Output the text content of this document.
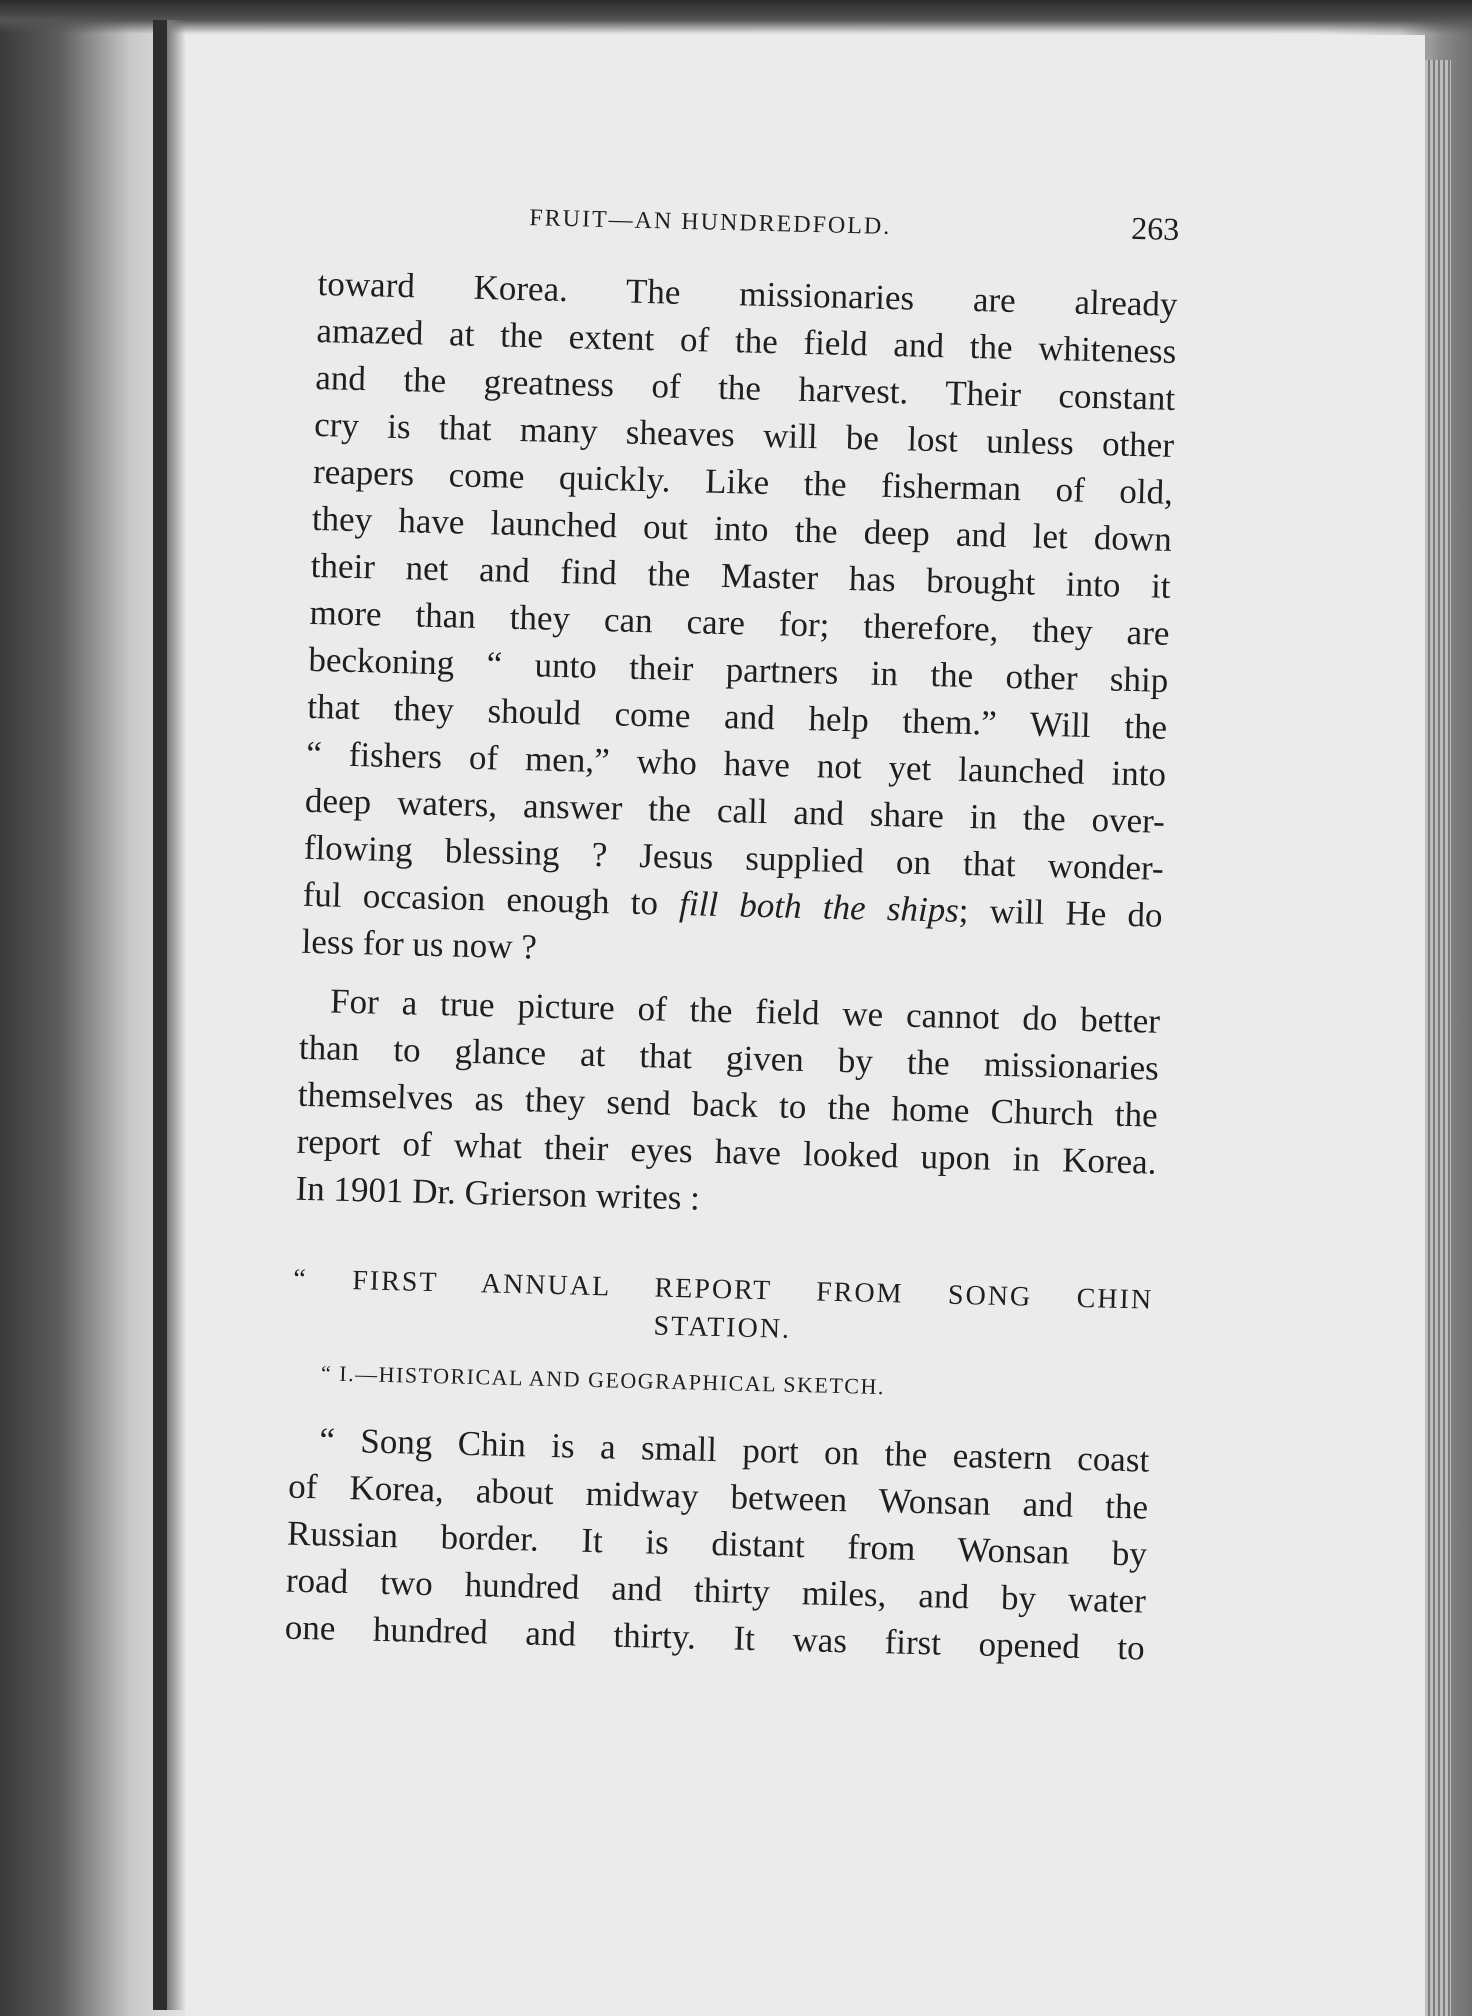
FRUIT—AN HUNDREDFOLD.	263
toward Korea. The missionaries are already
amazed at the extent of the field and the whiteness
and the greatness of the harvest. Their constant
cry is that many sheaves will be lost unless other
reapers come quickly. Like the fisherman of old,
they have launched out into the deep and let down
their net and find the Master has brought into it
more than they can care for; therefore, they are
beckoning “ unto their partners in the other ship
that they should come and help them.” Will the
“ fishers of men,” who have not yet launched into
deep waters, answer the call and share in the over-
flowing blessing ? Jesus supplied on that wonder-
ful occasion enough to fill both the ships; will He do
less for us now ?
For a true picture of the field we cannot do better
than to glance at that given by the missionaries
themselves as they send back to the home Church the
report of what their eyes have looked upon in Korea.
In 1901 Dr. Grierson writes :
“ FIRST ANNUAL REPORT FROM SONG CHIN
STATION.
“ I.—HISTORICAL AND GEOGRAPHICAL SKETCH.
“ Song Chin is a small port on the eastern coast
of Korea, about midway between Wonsan and the
Russian border. It is distant from Wonsan by
road two hundred and thirty miles, and by water
one hundred and thirty. It was first opened to
